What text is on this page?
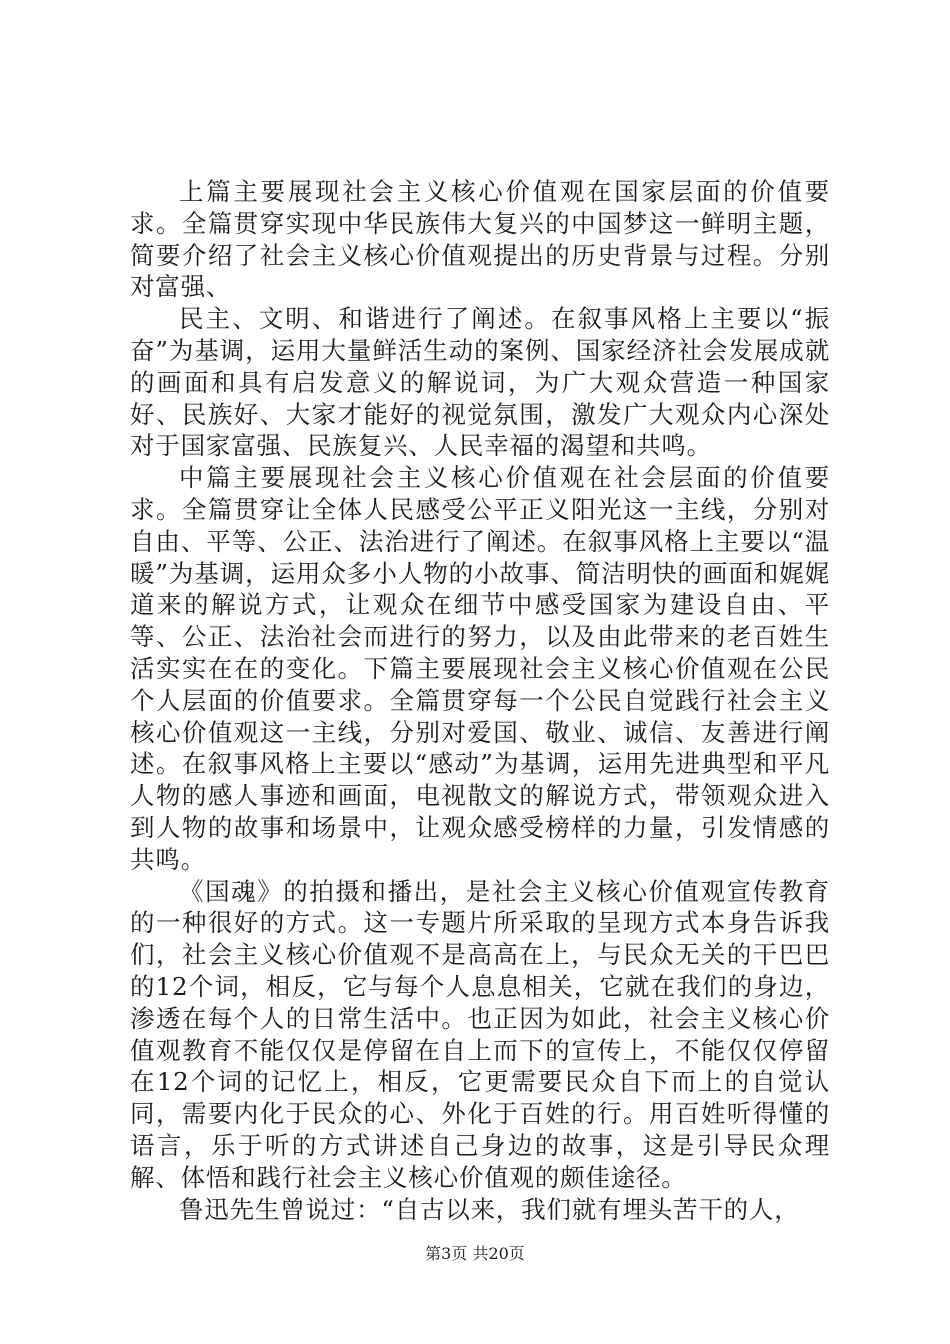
上篇主要展现社会主义核心价值观在国家层面的价值要求。全篇贯穿实现中华民族伟大复兴的中国梦这一鲜明主题，简要介绍了社会主义核心价值观提出的历史背景与过程。分别对富强、

民主、文明、和谐进行了阐述。在叙事风格上主要以“振奋”为基调，运用大量鲜活生动的案例、国家经济社会发展成就的画面和具有启发意义的解说词，为广大观众营造一种国家好、民族好、大家才能好的视觉氛围，激发广大观众内心深处对于国家富强、民族复兴、人民幸福的渴望和共鸣。

中篇主要展现社会主义核心价值观在社会层面的价值要求。全篇贯穿让全体人民感受公平正义阳光这一主线，分别对自由、平等、公正、法治进行了阐述。在叙事风格上主要以“温暖”为基调，运用众多小人物的小故事、简洁明快的画面和娓娓道来的解说方式，让观众在细节中感受国家为建设自由、平等、公正、法治社会而进行的努力，以及由此带来的老百姓生活实实在在的变化。下篇主要展现社会主义核心价值观在公民个人层面的价值要求。全篇贯穿每一个公民自觉践行社会主义核心价值观这一主线，分别对爱国、敬业、诚信、友善进行阐述。在叙事风格上主要以“感动”为基调，运用先进典型和平凡人物的感人事迹和画面，电视散文的解说方式，带领观众进入到人物的故事和场景中，让观众感受榜样的力量，引发情感的共鸣。

《国魂》的拍摄和播出，是社会主义核心价值观宣传教育的一种很好的方式。这一专题片所采取的呈现方式本身告诉我们，社会主义核心价值观不是高高在上，与民众无关的干巴巴的12个词，相反，它与每个人息息相关，它就在我们的身边，渗透在每个人的日常生活中。也正因为如此，社会主义核心价值观教育不能仅仅是停留在自上而下的宣传上，不能仅仅停留在12个词的记忆上，相反，它更需要民众自下而上的自觉认同，需要内化于民众的心、外化于百姓的行。用百姓听得懂的语言，乐于听的方式讲述自己身边的故事，这是引导民众理解、体悟和践行社会主义核心价值观的颇佳途径。

鲁迅先生曾说过：“自古以来，我们就有埋头苦干的人，

第3页 共20页
